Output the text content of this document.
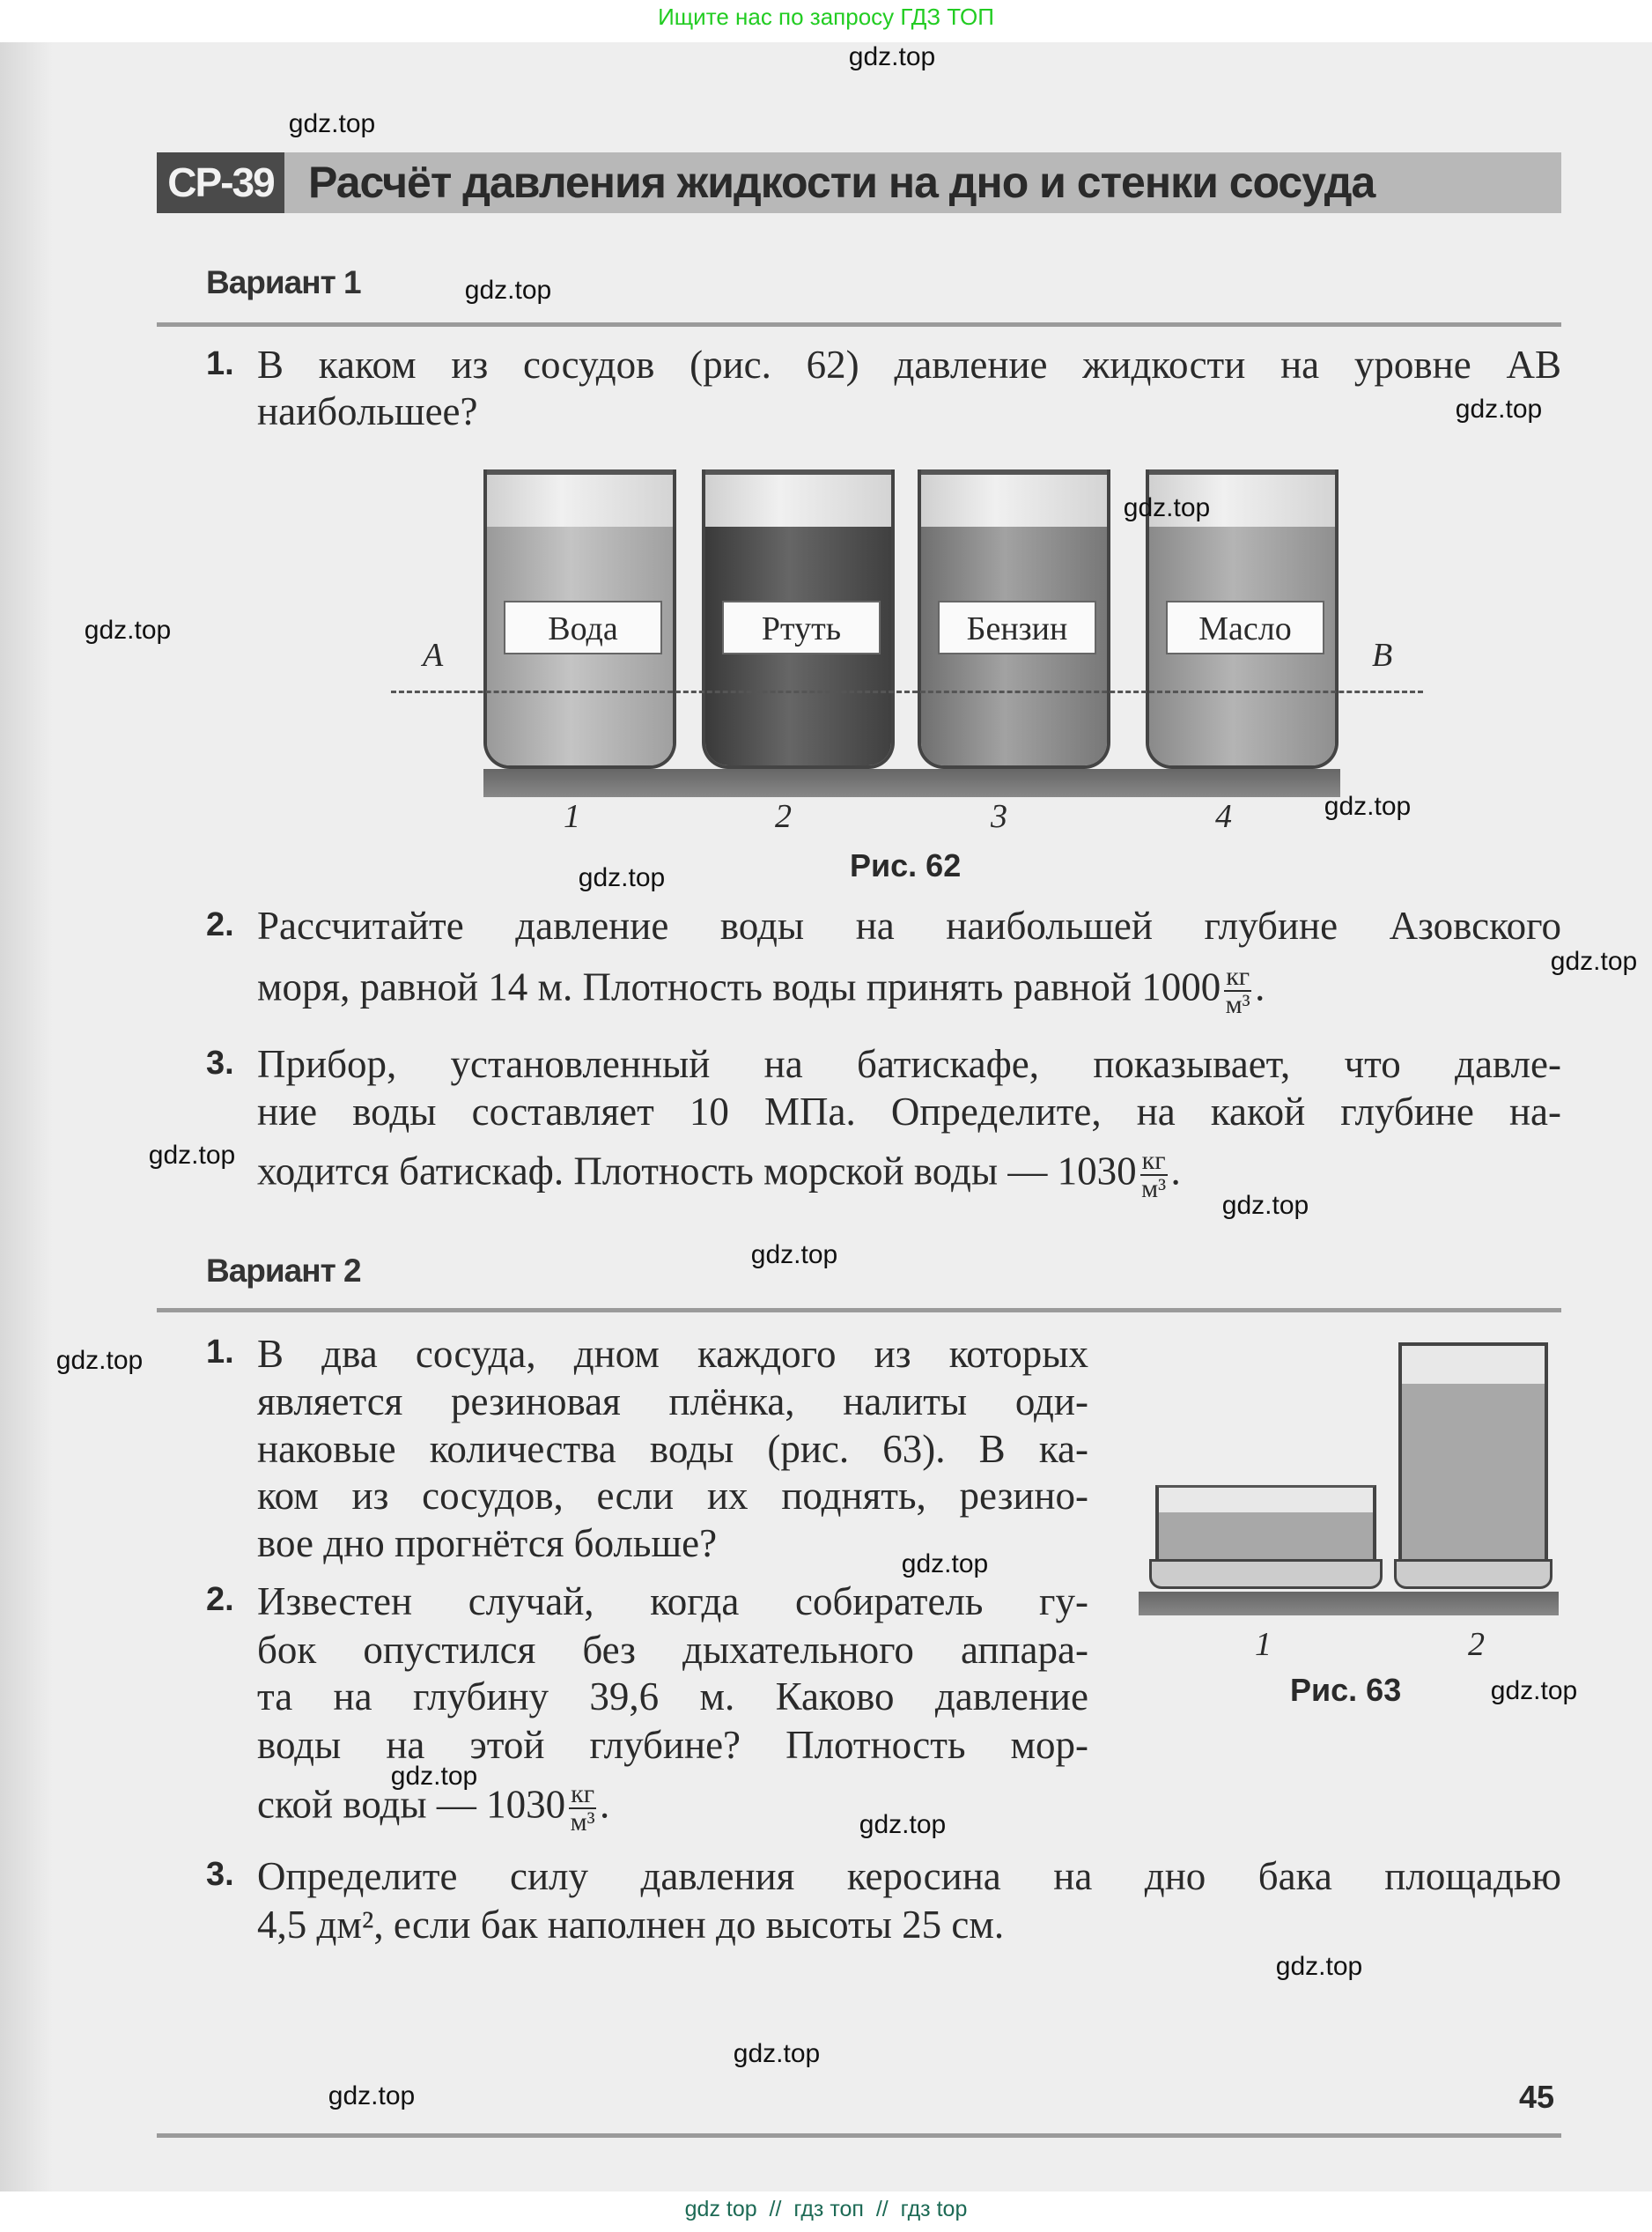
Ищите нас по запросу ГДЗ ТОП
СР-39 Расчёт давления жидкости на дно и стенки сосуда
Вариант 1
1. В каком из сосудов (рис. 62) давление жидкости на уровне AB
наибольшее?
Вода	Ртуть	Бензин	Масло
A	B
1	2	3	4
Рис. 62
2. Рассчитайте давление воды на наибольшей глубине Азовского
моря, равной 14 м. Плотность воды принять равной $1000 \frac{кг}{\text{м³}}$ .
3. Прибор, установленный на батискафе, показывает, что давле-
ние воды составляет 10 МПа. Определите, на какой глубине на-
ходится батискаф. Плотность морской воды — $1030 \frac{кг}{\text{м³}}$ .
Вариант 2
1. В два сосуда, дном каждого из которых
является резиновая плёнка, налиты оди-
наковые количества воды (рис. 63). В ка-
ком из сосудов, если их поднять, резино-
вое дно прогнётся больше?
2. Известен случай, когда собиратель гу-
бок опустился без дыхательного аппара-
та на глубину 39,6 м. Каково давление
воды на этой глубине? Плотность мор-
ской воды — $1030 \frac{кг}{\text{м³}}$ .
3. Определите силу давления керосина на дно бака площадью
4,5 дм², если бак наполнен до высоты 25 см.
1	2
Рис. 63
45
gdz.top
gdz.top
gdz.top
gdz.top
gdz.top
gdz.top
gdz.top
gdz.top
gdz.top
gdz.top
gdz.top
gdz.top
gdz.top
gdz.top
gdz.top
gdz.top
gdz.top
gdz.top
gdz.top
gdz.top
gdz top  //  гдз топ  //  гдз top
